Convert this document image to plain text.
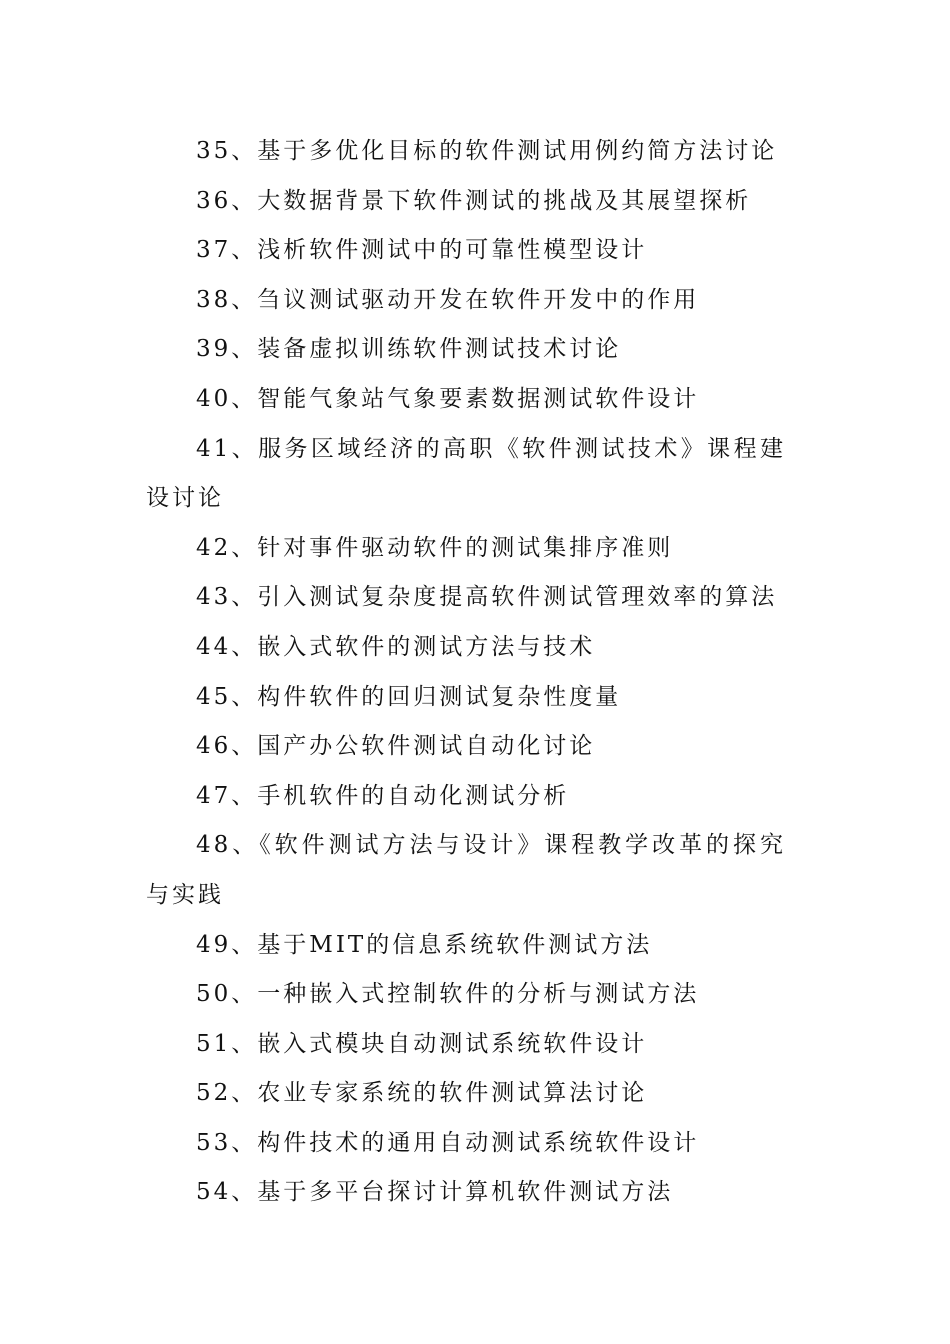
35、基于多优化目标的软件测试用例约简方法讨论
36、大数据背景下软件测试的挑战及其展望探析
37、浅析软件测试中的可靠性模型设计
38、刍议测试驱动开发在软件开发中的作用
39、装备虚拟训练软件测试技术讨论
40、智能气象站气象要素数据测试软件设计
41、服务区域经济的高职《软件测试技术》课程建设讨论
42、针对事件驱动软件的测试集排序准则
43、引入测试复杂度提高软件测试管理效率的算法
44、嵌入式软件的测试方法与技术
45、构件软件的回归测试复杂性度量
46、国产办公软件测试自动化讨论
47、手机软件的自动化测试分析
48、《软件测试方法与设计》课程教学改革的探究与实践
49、基于MIT的信息系统软件测试方法
50、一种嵌入式控制软件的分析与测试方法
51、嵌入式模块自动测试系统软件设计
52、农业专家系统的软件测试算法讨论
53、构件技术的通用自动测试系统软件设计
54、基于多平台探讨计算机软件测试方法
